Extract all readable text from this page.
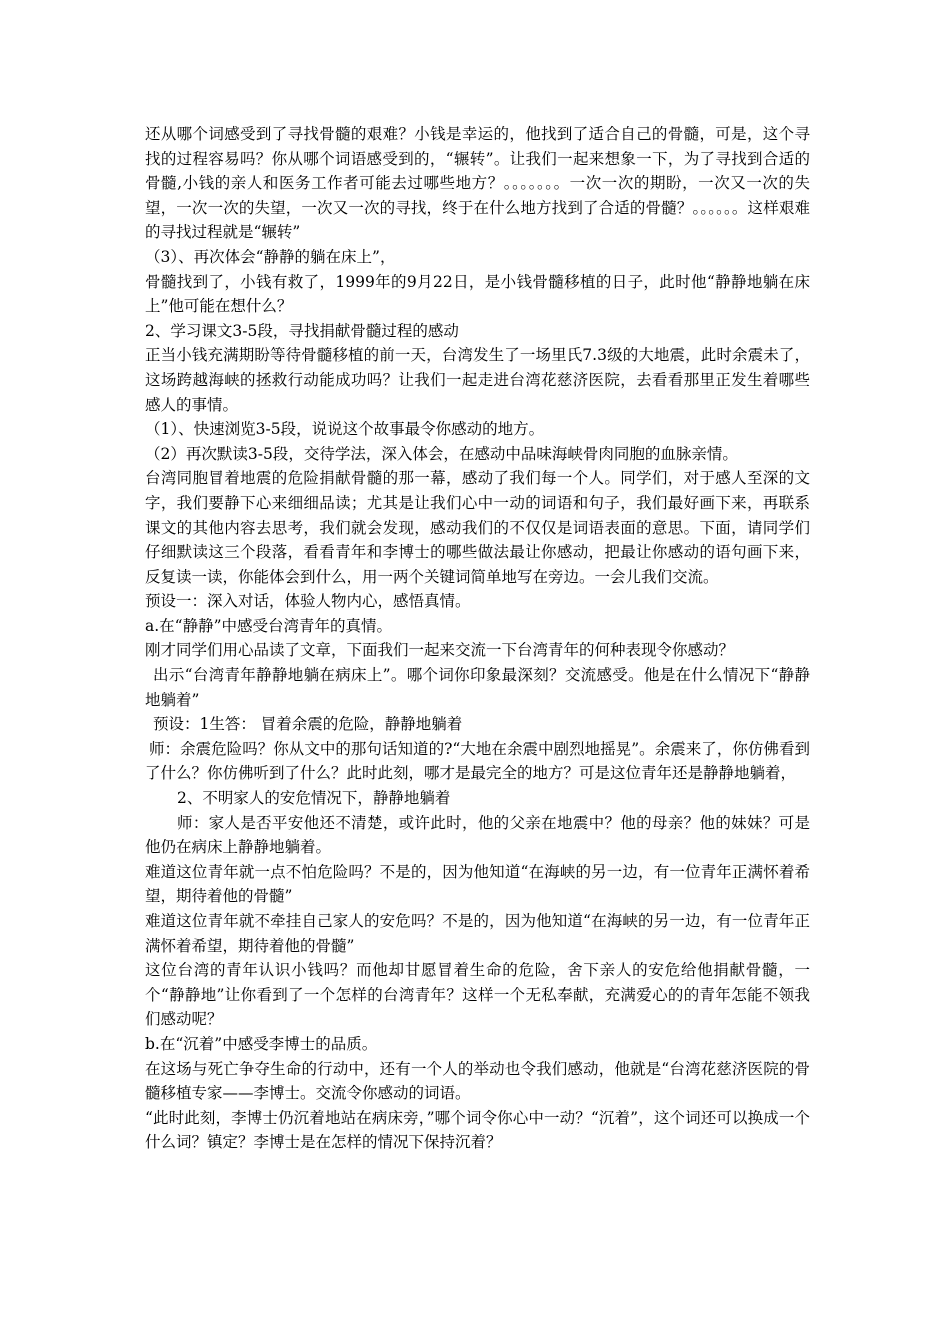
还从哪个词感受到了寻找骨髓的艰难？小钱是幸运的，他找到了适合自己的骨髓，可是，这个寻找的过程容易吗？你从哪个词语感受到的，“辗转”。让我们一起来想象一下，为了寻找到合适的骨髓,小钱的亲人和医务工作者可能去过哪些地方？。。。。。。。一次一次的期盼，一次又一次的失望，一次一次的失望，一次又一次的寻找，终于在什么地方找到了合适的骨髓？。。。。。。这样艰难的寻找过程就是“辗转”

（3）、再次体会“静静的躺在床上”，

骨髓找到了，小钱有救了，1999年的9月22日，是小钱骨髓移植的日子，此时他“静静地躺在床上”他可能在想什么？

2、学习课文3-5段，寻找捐献骨髓过程的感动

正当小钱充满期盼等待骨髓移植的前一天，台湾发生了一场里氏7.3级的大地震，此时余震未了，这场跨越海峡的拯救行动能成功吗？让我们一起走进台湾花慈济医院，去看看那里正发生着哪些感人的事情。

（1）、快速浏览3-5段，说说这个故事最令你感动的地方。

（2）再次默读3-5段，交待学法，深入体会，在感动中品味海峡骨肉同胞的血脉亲情。

台湾同胞冒着地震的危险捐献骨髓的那一幕，感动了我们每一个人。同学们，对于感人至深的文字，我们要静下心来细细品读；尤其是让我们心中一动的词语和句子，我们最好画下来，再联系课文的其他内容去思考，我们就会发现，感动我们的不仅仅是词语表面的意思。下面，请同学们仔细默读这三个段落，看看青年和李博士的哪些做法最让你感动，把最让你感动的语句画下来，反复读一读，你能体会到什么，用一两个关键词简单地写在旁边。一会儿我们交流。

预设一：深入对话，体验人物内心，感悟真情。

a.在“静静”中感受台湾青年的真情。

刚才同学们用心品读了文章，下面我们一起来交流一下台湾青年的何种表现令你感动？

出示“台湾青年静静地躺在病床上”。哪个词你印象最深刻？交流感受。他是在什么情况下“静静地躺着”

预设：1生答： 冒着余震的危险，静静地躺着

师：余震危险吗？你从文中的那句话知道的?“大地在余震中剧烈地摇晃”。余震来了，你仿佛看到了什么？你仿佛听到了什么？此时此刻，哪才是最完全的地方？可是这位青年还是静静地躺着，

2、不明家人的安危情况下，静静地躺着

师：家人是否平安他还不清楚，或许此时，他的父亲在地震中？他的母亲？他的妹妹？可是他仍在病床上静静地躺着。

难道这位青年就一点不怕危险吗？不是的，因为他知道“在海峡的另一边，有一位青年正满怀着希望，期待着他的骨髓”

难道这位青年就不牵挂自己家人的安危吗？不是的，因为他知道“在海峡的另一边，有一位青年正满怀着希望，期待着他的骨髓”

这位台湾的青年认识小钱吗？而他却甘愿冒着生命的危险，舍下亲人的安危给他捐献骨髓，一个“静静地”让你看到了一个怎样的台湾青年？这样一个无私奉献，充满爱心的的青年怎能不领我们感动呢？

b.在“沉着”中感受李博士的品质。

在这场与死亡争夺生命的行动中，还有一个人的举动也令我们感动，他就是“台湾花慈济医院的骨髓移植专家——李博士。交流令你感动的词语。

“此时此刻，李博士仍沉着地站在病床旁，”哪个词令你心中一动？“沉着”，这个词还可以换成一个什么词？镇定？李博士是在怎样的情况下保持沉着？
